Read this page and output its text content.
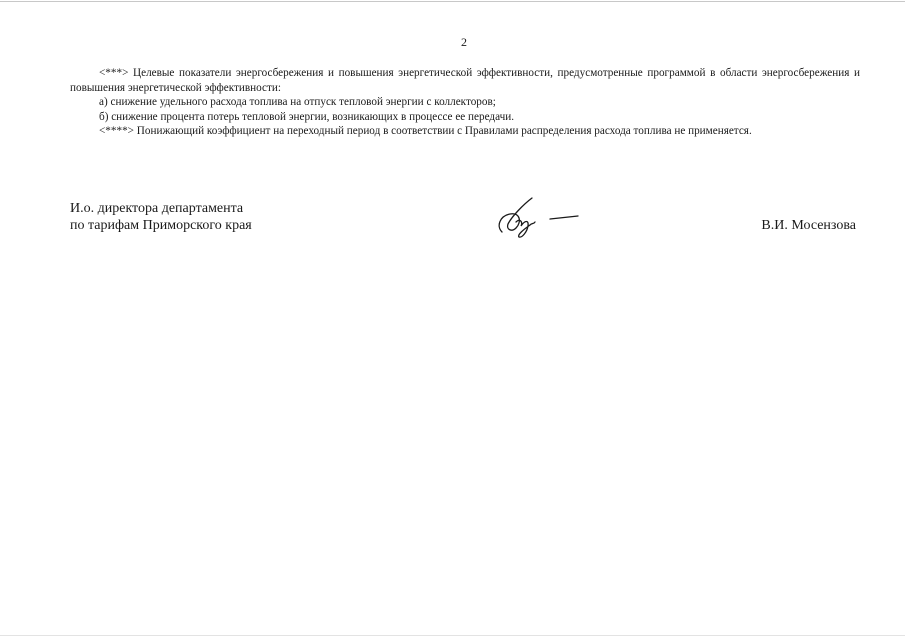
2

<***> Целевые показатели энергосбережения и повышения энергетической эффективности, предусмотренные программой в области энергосбережения и повышения энергетической эффективности:

а) снижение удельного расхода топлива на отпуск тепловой энергии с коллекторов;

б) снижение процента потерь тепловой энергии, возникающих в процессе ее передачи.

<****> Понижающий коэффициент на переходный период в соответствии с Правилами распределения расхода топлива не применяется.

И.о. директора департамента
по тарифам Приморского края	В.И. Мосензова
